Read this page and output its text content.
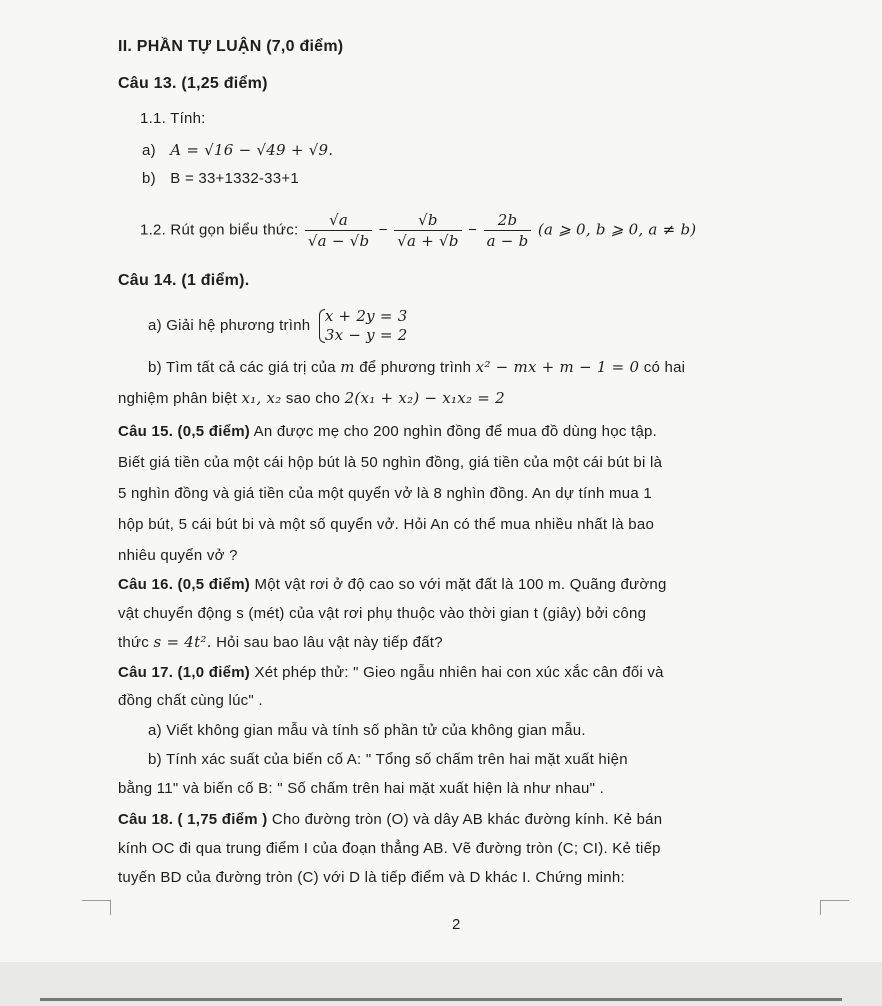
II. PHẦN TỰ LUẬN (7,0 điểm)
Câu 13. (1,25 điểm)
1.1. Tính:
a) A = √16 − √49 + √9.
b) B = 33+1332-33+1
1.2. Rút gọn biểu thức: $\frac{√a}{√a - √b} - \frac{√b}{√a + √b} - \frac{2b}{a - b} (a$ ⩾ 0, b ⩾ 0, a ≠ b)
Câu 14. (1 điểm).
a) Giải hệ phương trình
x + 2y = 3
3x − y = 2
b) Tìm tất cả các giá trị của m để phương trình x² − mx + m − 1 = 0 có hai
nghiệm phân biệt x₁, x₂ sao cho 2(x₁ + x₂) − x₁x₂ = 2
Câu 15. (0,5 điểm) An được mẹ cho 200 nghìn đồng để mua đồ dùng học tập.
Biết giá tiền của một cái hộp bút là 50 nghìn đồng, giá tiền của một cái bút bi là
5 nghìn đồng và giá tiền của một quyển vở là 8 nghìn đồng. An dự tính mua 1
hộp bút, 5 cái bút bi và một số quyển vở. Hỏi An có thể mua nhiều nhất là bao
nhiêu quyển vở ?
Câu 16. (0,5 điểm) Một vật rơi ở độ cao so với mặt đất là 100 m. Quãng đường
vật chuyển động s (mét) của vật rơi phụ thuộc vào thời gian t (giây) bởi công
thức s = 4t². Hỏi sau bao lâu vật này tiếp đất?
Câu 17. (1,0 điểm) Xét phép thử: " Gieo ngẫu nhiên hai con xúc xắc cân đối và
đồng chất cùng lúc" .
a) Viết không gian mẫu và tính số phần tử của không gian mẫu.
b) Tính xác suất của biến cố A: " Tổng số chấm trên hai mặt xuất hiện
bằng 11" và biến cố B: " Số chấm trên hai mặt xuất hiện là như nhau" .
Câu 18. ( 1,75 điểm ) Cho đường tròn (O) và dây AB khác đường kính. Kẻ bán
kính OC đi qua trung điểm I của đoạn thẳng AB. Vẽ đường tròn (C; CI). Kẻ tiếp
tuyến BD của đường tròn (C) với D là tiếp điểm và D khác I. Chứng minh:
2
